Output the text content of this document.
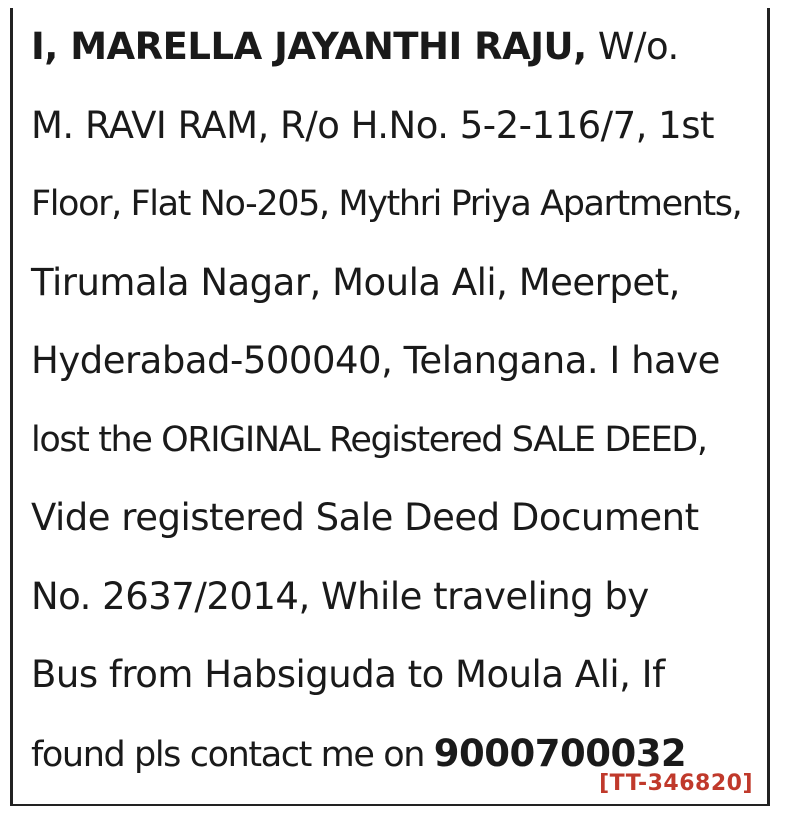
I, MARELLA JAYANTHI RAJU, W/o.
M. RAVI RAM, R/o H.No. 5-2-116/7, 1st
Floor, Flat No-205, Mythri Priya Apartments,
Tirumala Nagar, Moula Ali, Meerpet,
Hyderabad-500040, Telangana. I have
lost the ORIGINAL Registered SALE DEED,
Vide registered Sale Deed Document
No. 2637/2014, While traveling by
Bus from Habsiguda to Moula Ali, If
found pls contact me on 9000700032
[TT-346820]
